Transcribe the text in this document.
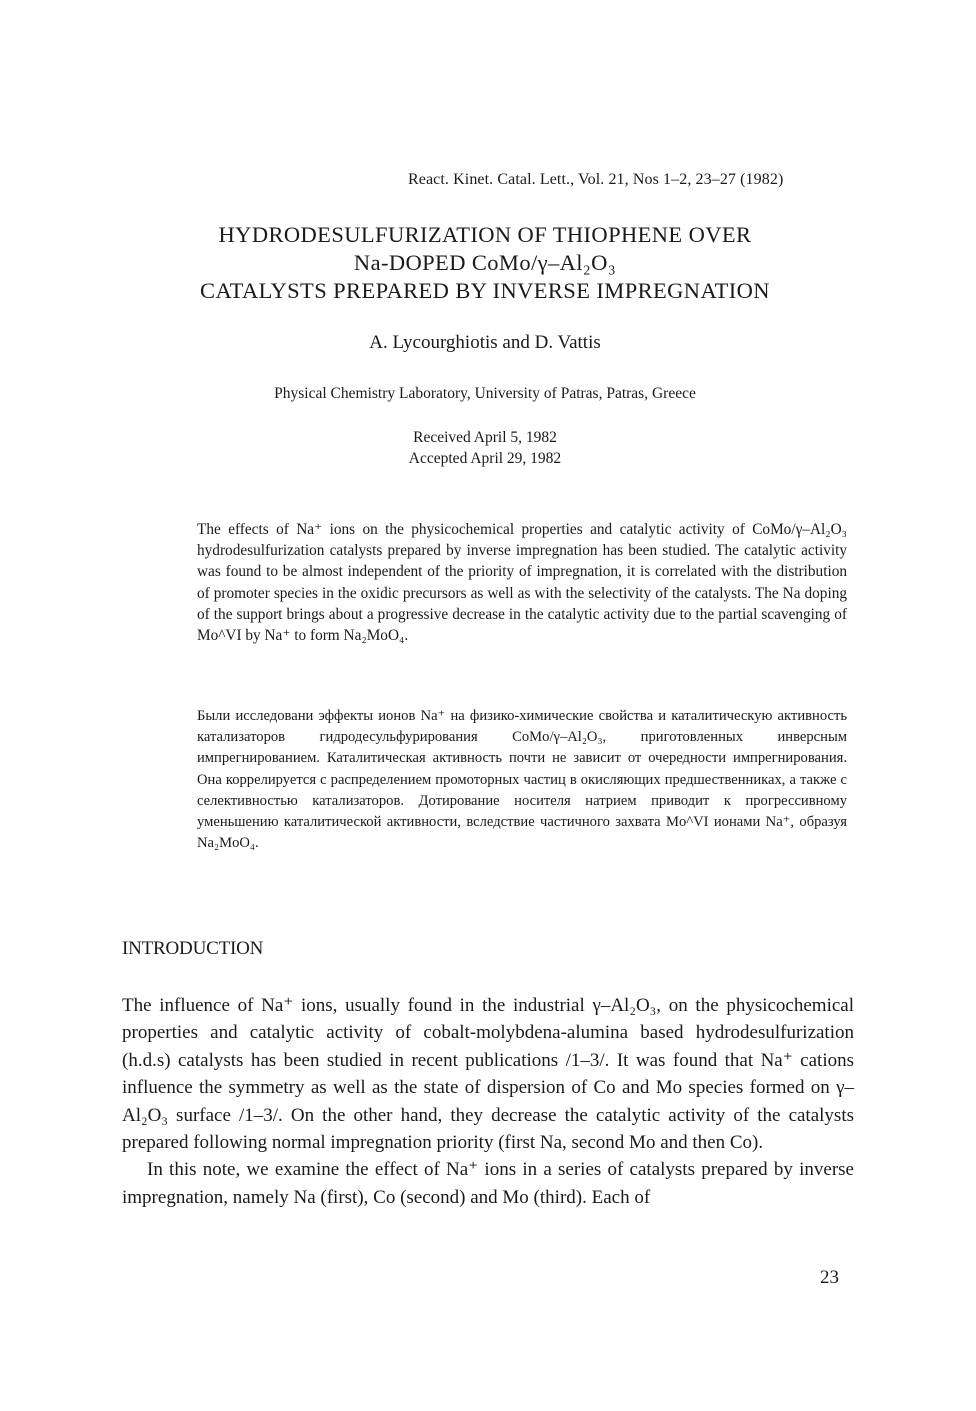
React. Kinet. Catal. Lett., Vol. 21, Nos 1–2, 23–27 (1982)
HYDRODESULFURIZATION OF THIOPHENE OVER
Na-DOPED CoMo/γ–Al₂O₃
CATALYSTS PREPARED BY INVERSE IMPREGNATION
A. Lycourghiotis and D. Vattis
Physical Chemistry Laboratory, University of Patras, Patras, Greece
Received April 5, 1982
Accepted April 29, 1982
The effects of Na⁺ ions on the physicochemical properties and catalytic activity of CoMo/γ–Al₂O₃ hydrodesulfurization catalysts prepared by inverse impregnation has been studied. The catalytic activity was found to be almost independent of the priority of impregnation, it is correlated with the distribution of promoter species in the oxidic precursors as well as with the selectivity of the catalysts. The Na doping of the support brings about a progressive decrease in the catalytic activity due to the partial scavenging of Mo^VI by Na⁺ to form Na₂MoO₄.
Были исследовани эффекты ионов Na⁺ на физико-химические свойства и каталитическую активность катализаторов гидродесульфурирования CoMo/γ–Al₂O₃, приготовленных инверсным импрегнированием. Каталитическая активность почти не зависит от очередности импрегнирования. Она коррелируется с распределением промоторных частиц в окисляющих предшественниках, а также с селективностью катализаторов. Дотирование носителя натрием приводит к прогрессивному уменьшению каталитической активности, вследствие частичного захвата Mo^VI ионами Na⁺, образуя Na₂MoO₄.
INTRODUCTION

The influence of Na⁺ ions, usually found in the industrial γ–Al₂O₃, on the physicochemical properties and catalytic activity of cobalt-molybdena-alumina based hydrodesulfurization (h.d.s) catalysts has been studied in recent publications /1–3/. It was found that Na⁺ cations influence the symmetry as well as the state of dispersion of Co and Mo species formed on γ–Al₂O₃ surface /1–3/. On the other hand, they decrease the catalytic activity of the catalysts prepared following normal impregnation priority (first Na, second Mo and then Co).

In this note, we examine the effect of Na⁺ ions in a series of catalysts prepared by inverse impregnation, namely Na (first), Co (second) and Mo (third). Each of

23
